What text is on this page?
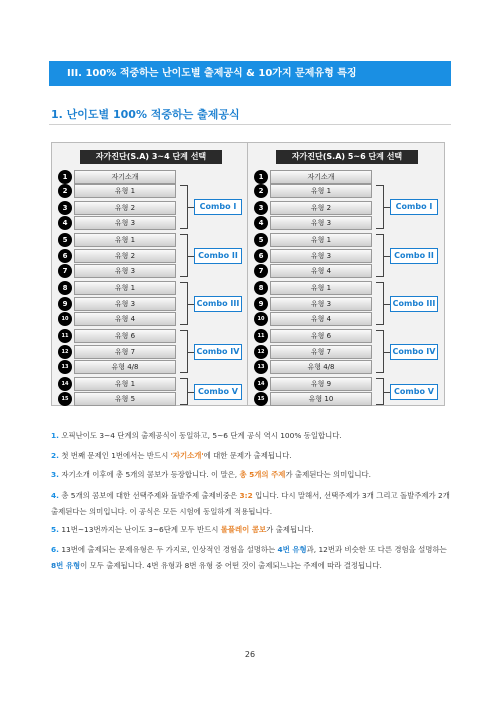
III. 100% 적중하는 난이도별 출제공식 & 10가지 문제유형 특징
1. 난이도별 100% 적중하는 출제공식
자가진단(S.A) 3~4 단계 선택
1	자기소개
2	유형 1
3	유형 2
4	유형 3
5	유형 1
6	유형 2
7	유형 3
8	유형 1
9	유형 3
10	유형 4
11	유형 6
12	유형 7
13	유형 4/8
14	유형 1
15	유형 5
Combo I
Combo II
Combo III
Combo IV
Combo V
자가진단(S.A) 5~6 단계 선택
1	자기소개
2	유형 1
3	유형 2
4	유형 3
5	유형 1
6	유형 3
7	유형 4
8	유형 1
9	유형 3
10	유형 4
11	유형 6
12	유형 7
13	유형 4/8
14	유형 9
15	유형 10
Combo I
Combo II
Combo III
Combo IV
Combo V
1. 오픽난이도 3~4 단계의 출제공식이 동일하고, 5~6 단계 공식 역시 100% 동일합니다.
2. 첫 번째 문제인 1번에서는 반드시 '자기소개'에 대한 문제가 출제됩니다.
3. 자기소개 이후에 총 5개의 콤보가 등장합니다. 이 말은, 총 5개의 주제가 출제된다는 의미입니다.
4. 총 5개의 콤보에 대한 선택주제와 돌발주제 출제비중은 3:2 입니다. 다시 말해서, 선택주제가 3개 그리고 돌발주제가 2개 출제된다는 의미입니다. 이 공식은 모든 시험에 동일하게 적용됩니다.
5. 11번~13번까지는 난이도 3~6단계 모두 반드시 롤플레이 콤보가 출제됩니다.
6. 13번에 출제되는 문제유형은 두 가지로, 인상적인 경험을 설명하는 4번 유형과, 12번과 비슷한 또 다른 경험을 설명하는 8번 유형이 모두 출제됩니다. 4번 유형과 8번 유형 중 어떤 것이 출제되느냐는 주제에 따라 결정됩니다.
26
